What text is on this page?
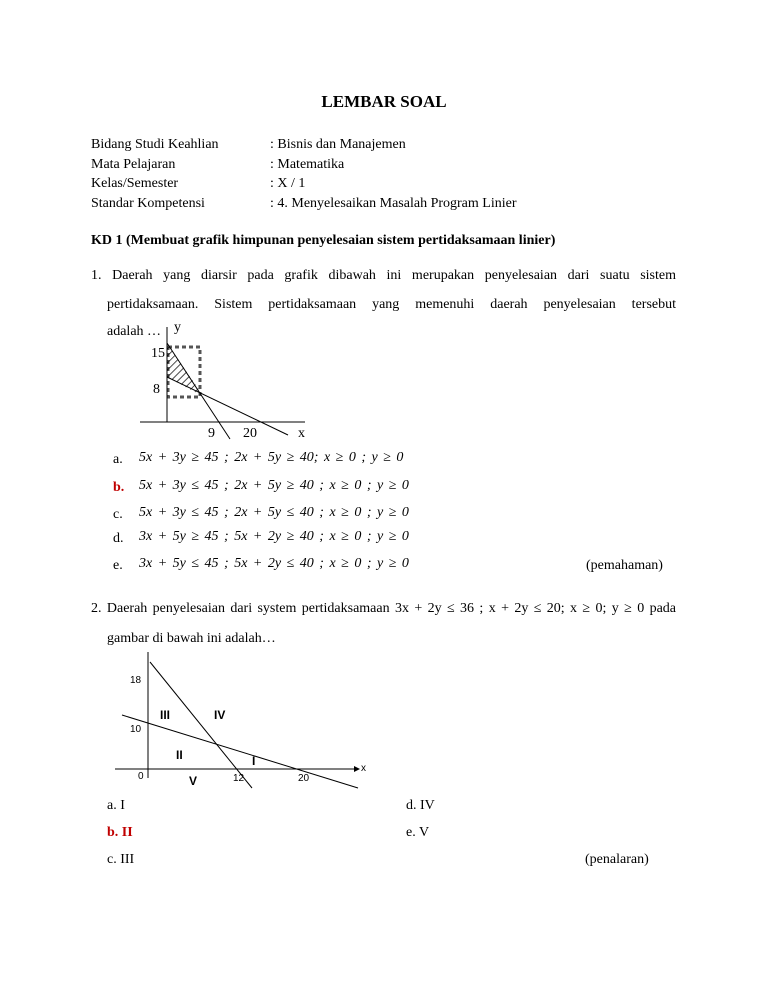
LEMBAR SOAL
Bidang Studi Keahlian	: Bisnis dan Manajemen
Mata Pelajaran	: Matematika
Kelas/Semester	: X / 1
Standar Kompetensi	: 4. Menyelesaikan Masalah Program Linier
KD 1 (Membuat grafik himpunan penyelesaian sistem pertidaksamaan linier)
1. Daerah yang diarsir pada grafik dibawah ini merupakan penyelesaian dari suatu sistem
pertidaksamaan. Sistem pertidaksamaan yang memenuhi daerah penyelesaian tersebut
adalah … y
15
8
9 20	x
a. 5x + 3y ≥ 45 ; 2x + 5y ≥ 40; x ≥ 0 ; y ≥ 0
b. 5x + 3y ≤ 45 ; 2x + 5y ≥ 40 ; x ≥ 0 ; y ≥ 0
c. 5x + 3y ≤ 45 ; 2x + 5y ≤ 40 ; x ≥ 0 ; y ≥ 0
d. 3x + 5y ≥ 45 ; 5x + 2y ≥ 40 ; x ≥ 0 ; y ≥ 0
e. 3x + 5y ≤ 45 ; 5x + 2y ≤ 40 ; x ≥ 0 ; y ≥ 0	(pemahaman)
2. Daerah penyelesaian dari system pertidaksamaan 3x + 2y ≤ 36 ; x + 2y ≤ 20; x ≥ 0; y ≥ 0 pada
gambar di bawah ini adalah…
18
10
0	12	20
x
III	IV
II	I
V
a. I
b. II
c. III
d. IV
e. V
(penalaran)
